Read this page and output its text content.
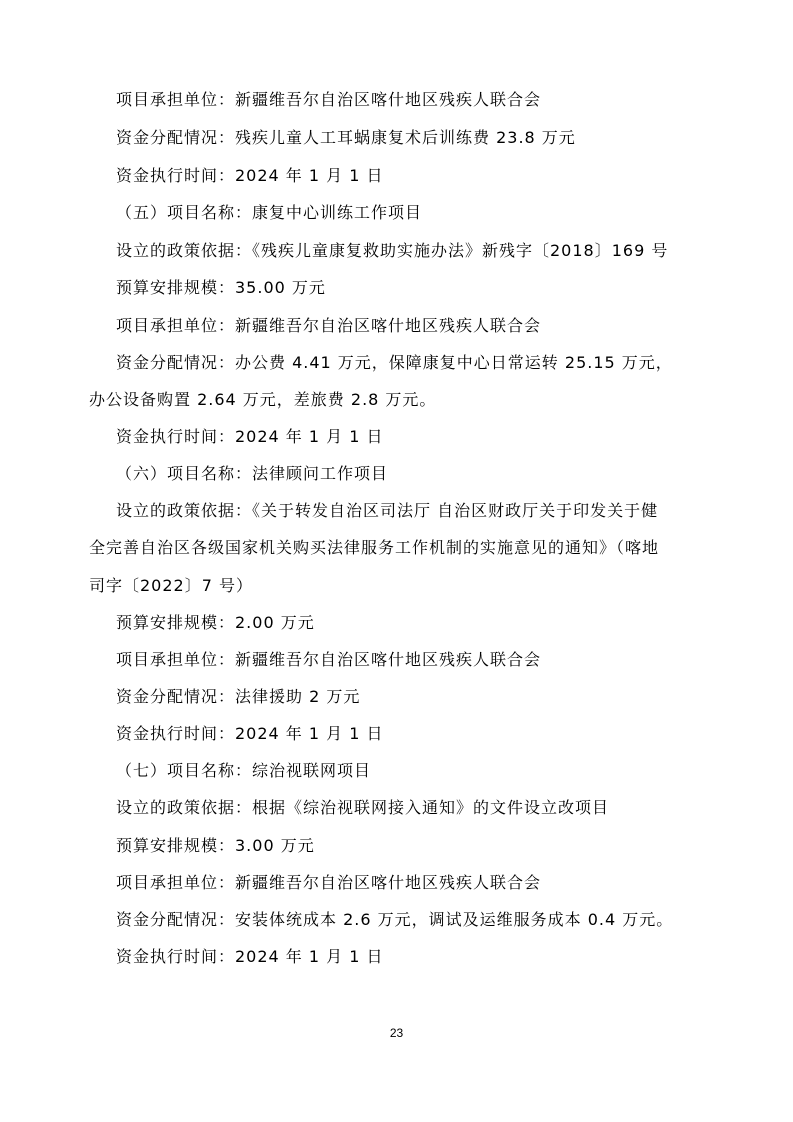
项目承担单位：新疆维吾尔自治区喀什地区残疾人联合会
资金分配情况：残疾儿童人工耳蜗康复术后训练费 23.8 万元
资金执行时间：2024 年 1 月 1 日
（五）项目名称：康复中心训练工作项目
设立的政策依据：《残疾儿童康复救助实施办法》新残字〔2018〕169 号
预算安排规模：35.00 万元
项目承担单位：新疆维吾尔自治区喀什地区残疾人联合会
资金分配情况：办公费 4.41 万元，保障康复中心日常运转 25.15 万元，
办公设备购置 2.64 万元，差旅费 2.8 万元。
资金执行时间：2024 年 1 月 1 日
（六）项目名称：法律顾问工作项目
设立的政策依据：《关于转发自治区司法厅 自治区财政厅关于印发关于健
全完善自治区各级国家机关购买法律服务工作机制的实施意见的通知》（喀地
司字〔2022〕7 号）
预算安排规模：2.00 万元
项目承担单位：新疆维吾尔自治区喀什地区残疾人联合会
资金分配情况：法律援助 2 万元
资金执行时间：2024 年 1 月 1 日
（七）项目名称：综治视联网项目
设立的政策依据：根据《综治视联网接入通知》的文件设立改项目
预算安排规模：3.00 万元
项目承担单位：新疆维吾尔自治区喀什地区残疾人联合会
资金分配情况：安装体统成本 2.6 万元，调试及运维服务成本 0.4 万元。
资金执行时间：2024 年 1 月 1 日
23
